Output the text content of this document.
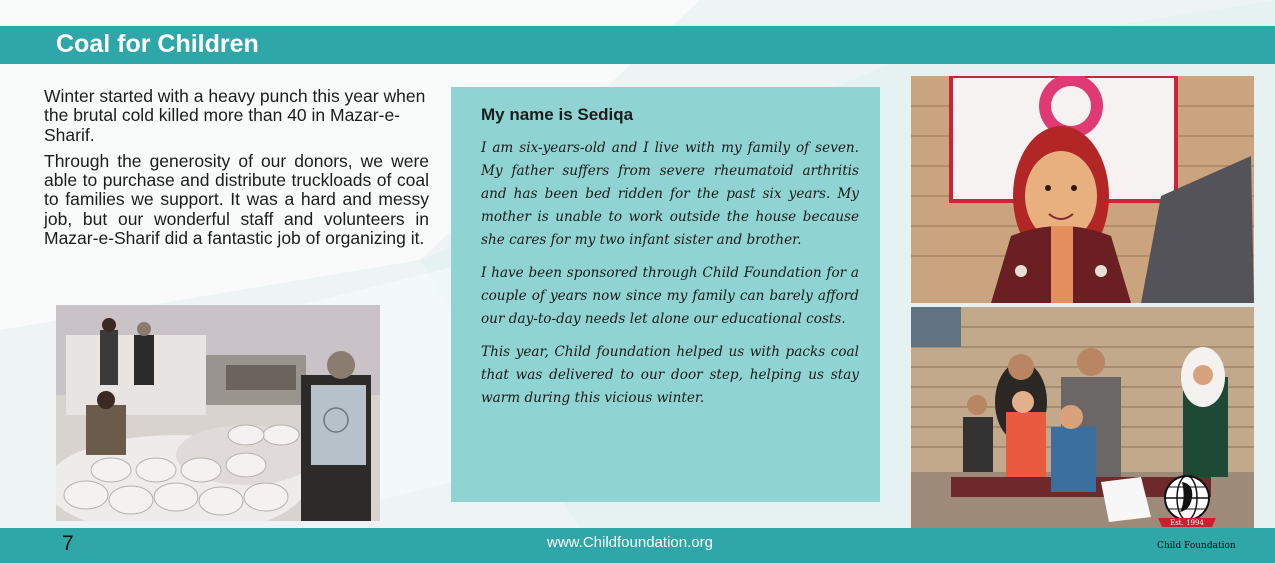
Coal for Children

Winter started with a heavy punch this year when the brutal cold killed more than 40 in Mazar-e-Sharif.

Through the generosity of our donors, we were able to purchase and distribute truckloads of coal to families we support. It was a hard and messy job, but our wonderful staff and volunteers in Mazar-e-Sharif did a fantastic job of organizing it.

My name is Sediqa

I am six-years-old and I live with my family of seven. My father suffers from severe rheumatoid arthritis and has been bed ridden for the past six years. My mother is unable to work outside the house because she cares for my two infant sister and brother.

I have been sponsored through Child Foundation for a couple of years now since my family can barely afford our day-to-day needs let alone our educational costs.

This year, Child foundation helped us with packs coal that was delivered to our door step, helping us stay warm during this vicious winter.

Est. 1994
7	www.Childfoundation.org	Child Foundation
